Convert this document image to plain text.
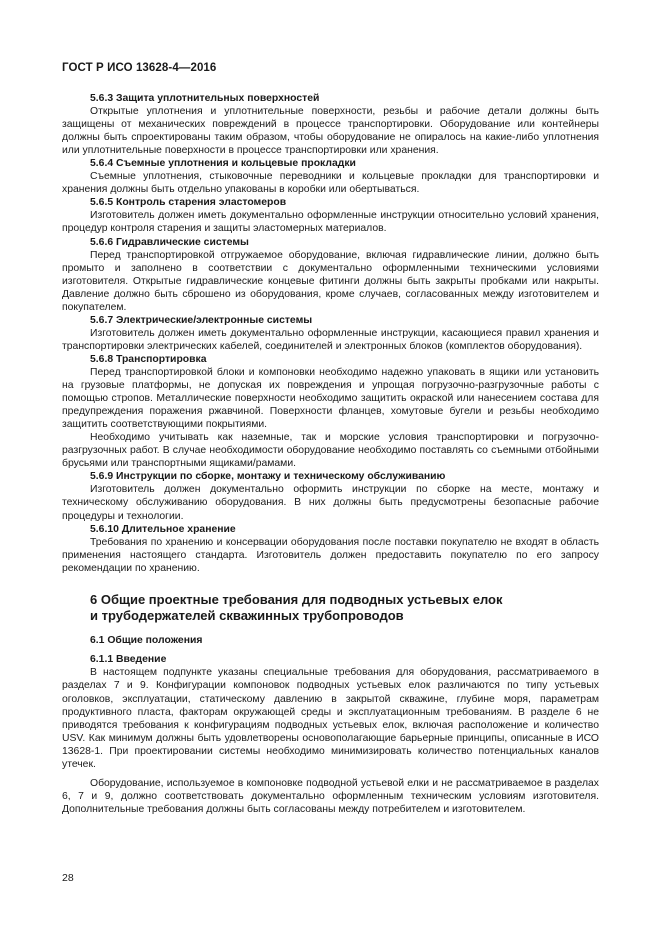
ГОСТ Р ИСО 13628-4—2016

5.6.3 Защита уплотнительных поверхностей

Открытые уплотнения и уплотнительные поверхности, резьбы и рабочие детали должны быть защищены от механических повреждений в процессе транспортировки. Оборудование или контейнеры должны быть спроектированы таким образом, чтобы оборудование не опиралось на какие-либо уплотнения или уплотнительные поверхности в процессе транспортировки или хранения.

5.6.4 Съемные уплотнения и кольцевые прокладки

Съемные уплотнения, стыковочные переводники и кольцевые прокладки для транспортировки и хранения должны быть отдельно упакованы в коробки или обертываться.

5.6.5 Контроль старения эластомеров

Изготовитель должен иметь документально оформленные инструкции относительно условий хранения, процедур контроля старения и защиты эластомерных материалов.

5.6.6 Гидравлические системы

Перед транспортировкой отгружаемое оборудование, включая гидравлические линии, должно быть промыто и заполнено в соответствии с документально оформленными техническими условиями изготовителя. Открытые гидравлические концевые фитинги должны быть закрыты пробками или накрыты. Давление должно быть сброшено из оборудования, кроме случаев, согласованных между изготовителем и покупателем.

5.6.7 Электрические/электронные системы

Изготовитель должен иметь документально оформленные инструкции, касающиеся правил хранения и транспортировки электрических кабелей, соединителей и электронных блоков (комплектов оборудования).

5.6.8 Транспортировка

Перед транспортировкой блоки и компоновки необходимо надежно упаковать в ящики или установить на грузовые платформы, не допуская их повреждения и упрощая погрузочно-разгрузочные работы с помощью стропов. Металлические поверхности необходимо защитить окраской или нанесением состава для предупреждения поражения ржавчиной. Поверхности фланцев, хомутовые бугели и резьбы необходимо защитить соответствующими покрытиями.

Необходимо учитывать как наземные, так и морские условия транспортировки и погрузочно-разгрузочных работ. В случае необходимости оборудование необходимо поставлять со съемными отбойными брусьями или транспортными ящиками/рамами.

5.6.9 Инструкции по сборке, монтажу и техническому обслуживанию

Изготовитель должен документально оформить инструкции по сборке на месте, монтажу и техническому обслуживанию оборудования. В них должны быть предусмотрены безопасные рабочие процедуры и технологии.

5.6.10 Длительное хранение

Требования по хранению и консервации оборудования после поставки покупателю не входят в область применения настоящего стандарта. Изготовитель должен предоставить покупателю по его запросу рекомендации по хранению.

6 Общие проектные требования для подводных устьевых елок
и трубодержателей скважинных трубопроводов

6.1 Общие положения

6.1.1 Введение

В настоящем подпункте указаны специальные требования для оборудования, рассматриваемого в разделах 7 и 9. Конфигурации компоновок подводных устьевых елок различаются по типу устьевых оголовков, эксплуатации, статическому давлению в закрытой скважине, глубине моря, параметрам продуктивного пласта, факторам окружающей среды и эксплуатационным требованиям. В разделе 6 не приводятся требования к конфигурациям подводных устьевых елок, включая расположение и количество USV. Как минимум должны быть удовлетворены основополагающие барьерные принципы, описанные в ИСО 13628-1. При проектировании системы необходимо минимизировать количество потенциальных каналов утечек.

Оборудование, используемое в компоновке подводной устьевой елки и не рассматриваемое в разделах 6, 7 и 9, должно соответствовать документально оформленным техническим условиям изготовителя. Дополнительные требования должны быть согласованы между потребителем и изготовителем.

28
